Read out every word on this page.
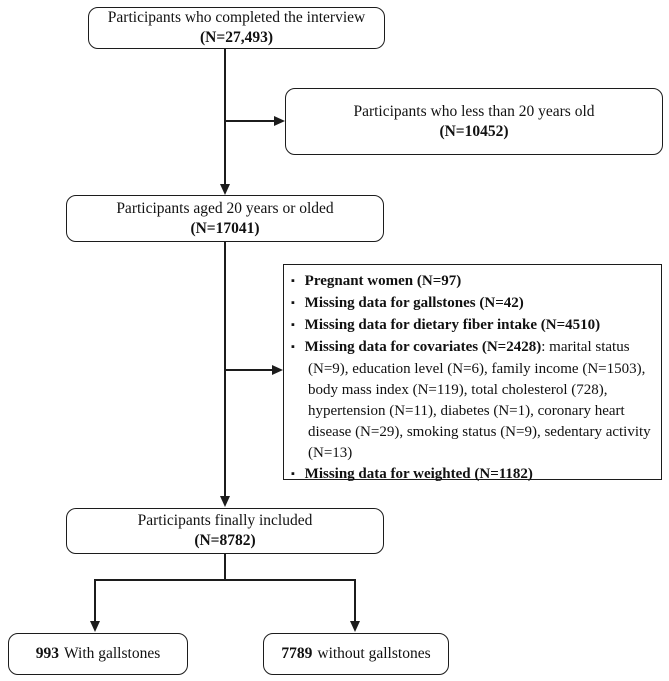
Participants who completed the interview
(N=27,493)
Participants who less than 20 years old
(N=10452)
Participants aged 20 years or olded
(N=17041)
▪ Pregnant women (N=97)
▪ Missing data for gallstones (N=42)
▪ Missing data for dietary fiber intake (N=4510)
▪ Missing data for covariates (N=2428): marital status (N=9), education level (N=6), family income (N=1503), body mass index (N=119), total cholesterol (728), hypertension (N=11), diabetes (N=1), coronary heart disease (N=29), smoking status (N=9), sedentary activity (N=13)
▪ Missing data for weighted (N=1182)
Participants finally included
(N=8782)
993 With gallstones	7789 without gallstones
